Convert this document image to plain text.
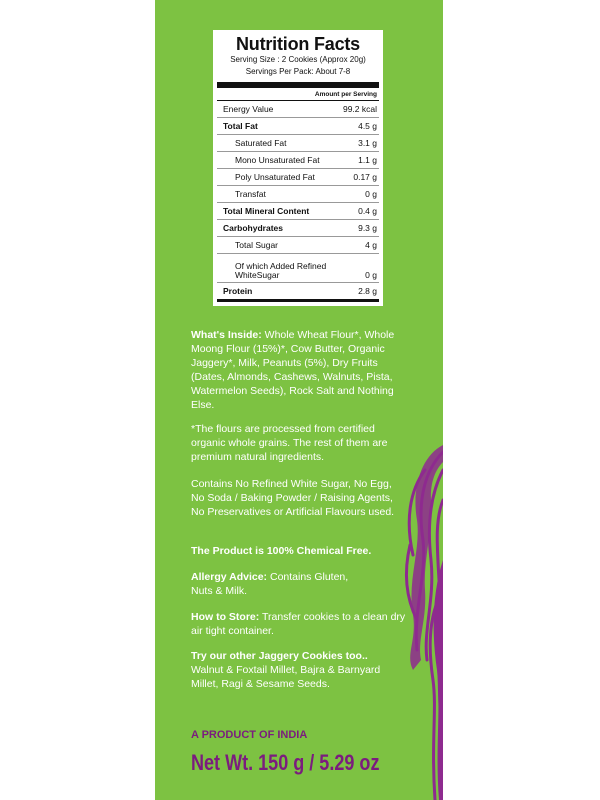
Nutrition Facts
Serving Size : 2 Cookies (Approx 20g)
Servings Per Pack: About 7-8
Amount per Serving
Energy Value	99.2 kcal
Total Fat	4.5 g
Saturated Fat	3.1 g
Mono Unsaturated Fat	1.1 g
Poly Unsaturated Fat	0.17 g
Transfat	0 g
Total Mineral Content	0.4 g
Carbohydrates	9.3 g
Total Sugar	4 g
Of which Added Refined WhiteSugar	0 g
Protein	2.8 g
What's Inside: Whole Wheat Flour*, Whole Moong Flour (15%)*, Cow Butter, Organic Jaggery*, Milk, Peanuts (5%), Dry Fruits (Dates, Almonds, Cashews, Walnuts, Pista, Watermelon Seeds), Rock Salt and Nothing Else.
*The flours are processed from certified organic whole grains. The rest of them are premium natural ingredients.
Contains No Refined White Sugar, No Egg, No Soda / Baking Powder / Raising Agents, No Preservatives or Artificial Flavours used.
The Product is 100% Chemical Free.
Allergy Advice: Contains Gluten, Nuts & Milk.
How to Store: Transfer cookies to a clean dry air tight container.
Try our other Jaggery Cookies too..
Walnut & Foxtail Millet, Bajra & Barnyard Millet, Ragi & Sesame Seeds.
A PRODUCT OF INDIA
Net Wt. 150 g / 5.29 oz
